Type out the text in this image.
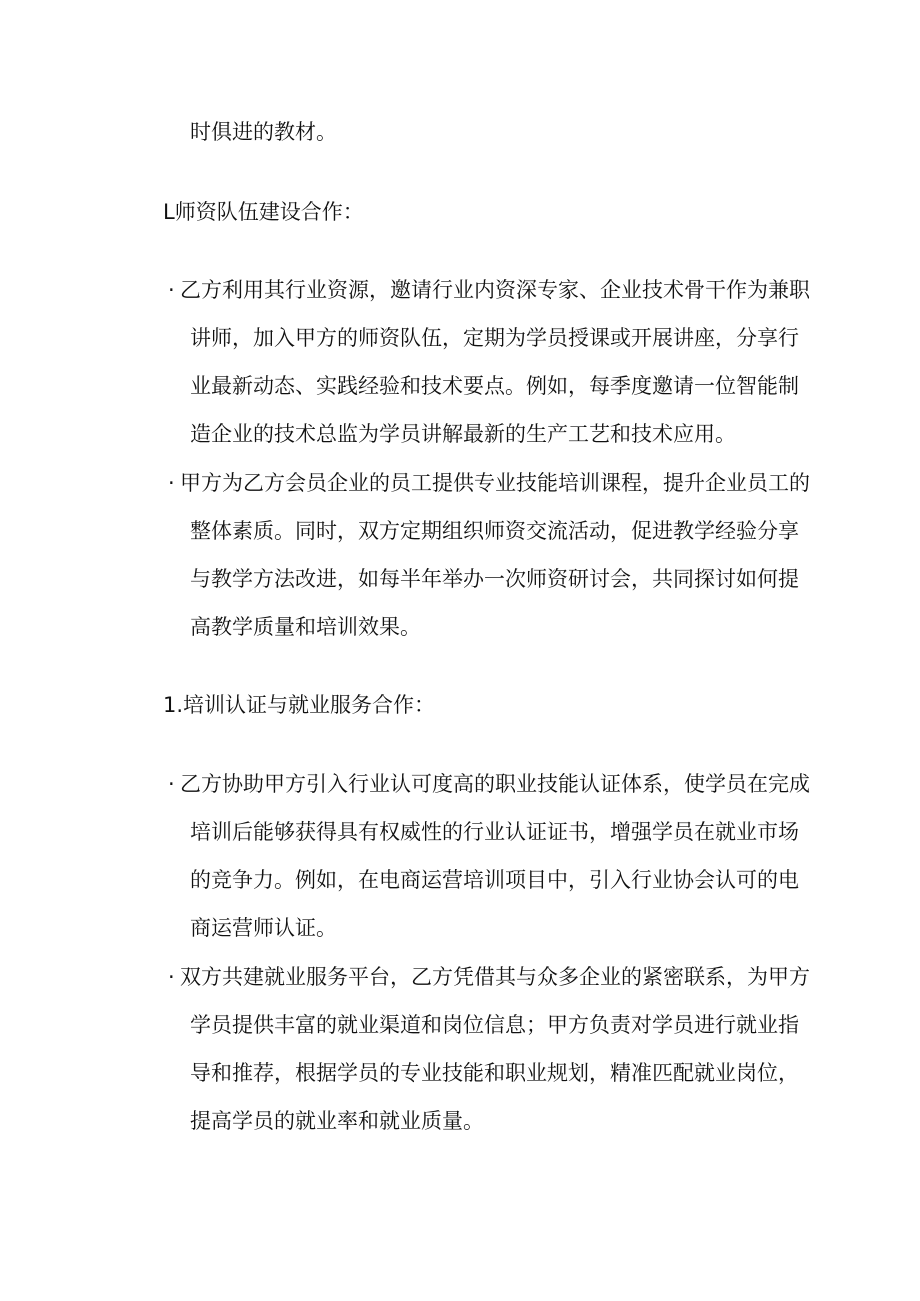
时俱进的教材。
L师资队伍建设合作：
· 乙方利用其行业资源，邀请行业内资深专家、企业技术骨干作为兼职
讲师，加入甲方的师资队伍，定期为学员授课或开展讲座，分享行
业最新动态、实践经验和技术要点。例如，每季度邀请一位智能制
造企业的技术总监为学员讲解最新的生产工艺和技术应用。
· 甲方为乙方会员企业的员工提供专业技能培训课程，提升企业员工的
整体素质。同时，双方定期组织师资交流活动，促进教学经验分享
与教学方法改进，如每半年举办一次师资研讨会，共同探讨如何提
高教学质量和培训效果。
1.培训认证与就业服务合作：
· 乙方协助甲方引入行业认可度高的职业技能认证体系，使学员在完成
培训后能够获得具有权威性的行业认证证书，增强学员在就业市场
的竞争力。例如，在电商运营培训项目中，引入行业协会认可的电
商运营师认证。
· 双方共建就业服务平台，乙方凭借其与众多企业的紧密联系，为甲方
学员提供丰富的就业渠道和岗位信息；甲方负责对学员进行就业指
导和推荐，根据学员的专业技能和职业规划，精准匹配就业岗位，
提高学员的就业率和就业质量。
